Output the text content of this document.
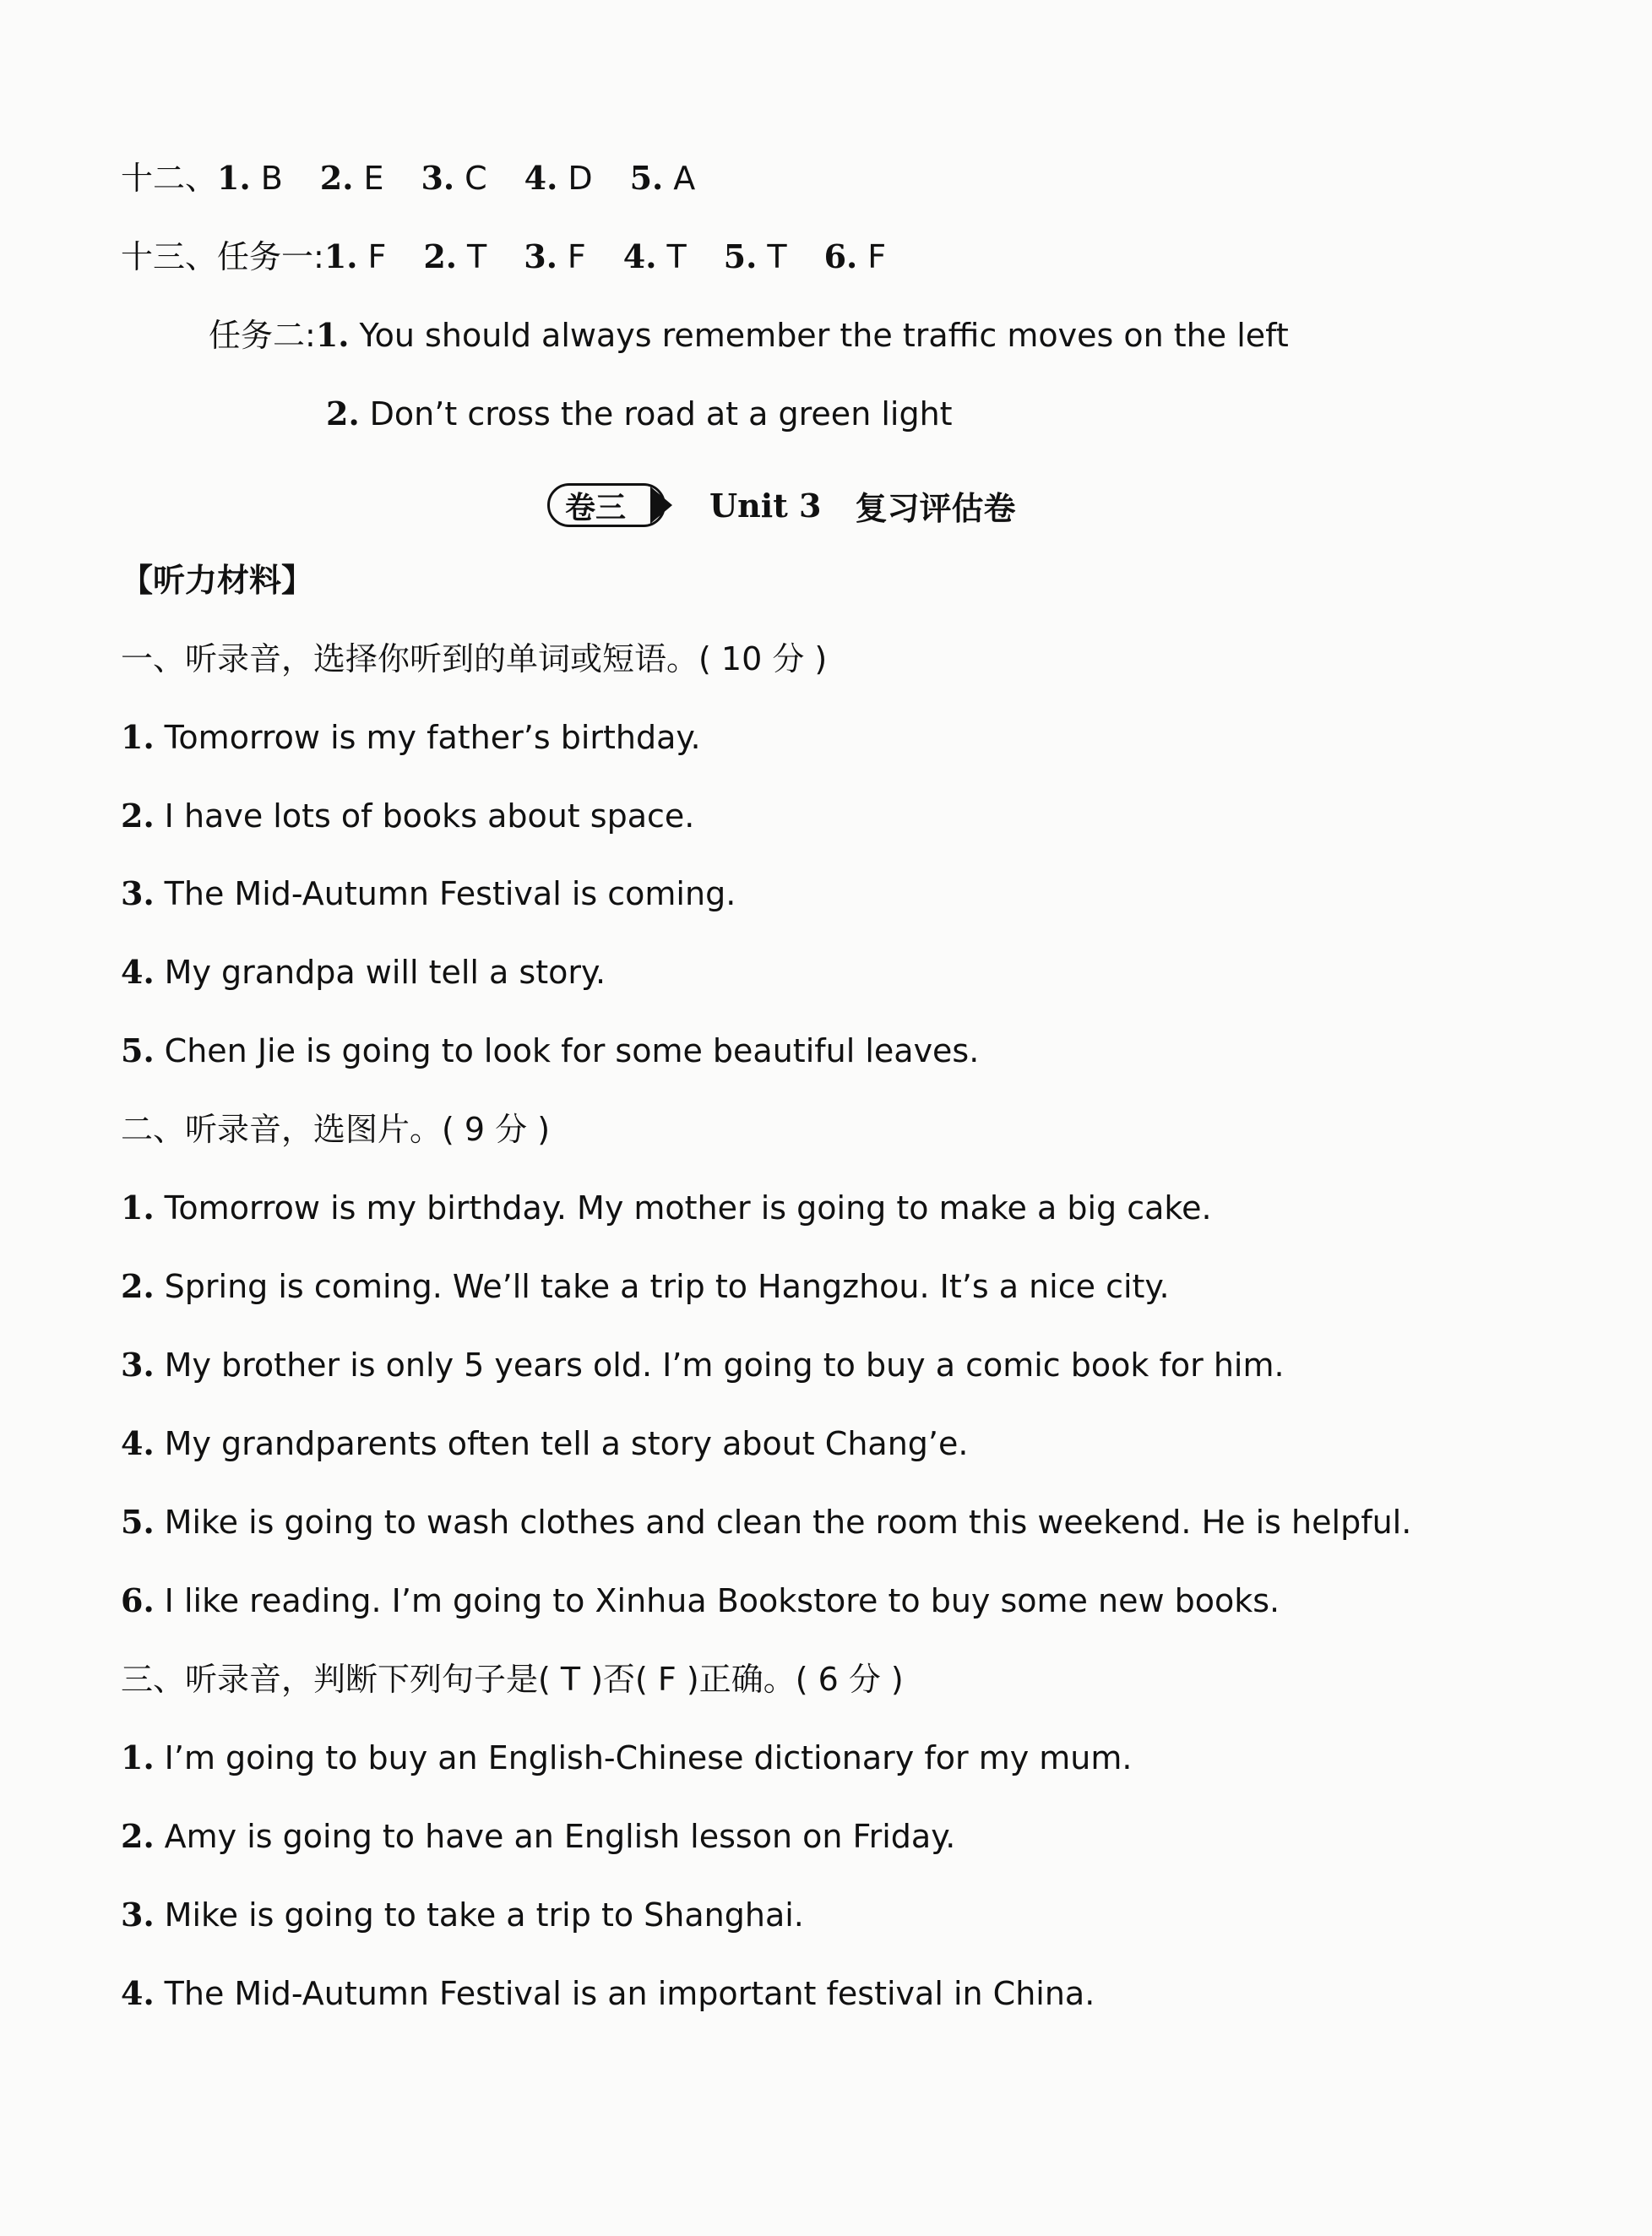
十二、1. B 2. E 3. C 4. D 5. A
十三、任务一:1. F 2. T 3. F 4. T 5. T 6. F
任务二:1. You should always remember the traffic moves on the left
2. Don’t cross the road at a green light
卷三	Unit 3 复习评估卷
【听力材料】
一、听录音，选择你听到的单词或短语。( 10 分 )
1. Tomorrow is my father’s birthday.
2. I have lots of books about space.
3. The Mid-Autumn Festival is coming.
4. My grandpa will tell a story.
5. Chen Jie is going to look for some beautiful leaves.
二、听录音，选图片。( 9 分 )
1. Tomorrow is my birthday. My mother is going to make a big cake.
2. Spring is coming. We’ll take a trip to Hangzhou. It’s a nice city.
3. My brother is only 5 years old. I’m going to buy a comic book for him.
4. My grandparents often tell a story about Chang’e.
5. Mike is going to wash clothes and clean the room this weekend. He is helpful.
6. I like reading. I’m going to Xinhua Bookstore to buy some new books.
三、听录音，判断下列句子是( T )否( F )正确。( 6 分 )
1. I’m going to buy an English-Chinese dictionary for my mum.
2. Amy is going to have an English lesson on Friday.
3. Mike is going to take a trip to Shanghai.
4. The Mid-Autumn Festival is an important festival in China.
